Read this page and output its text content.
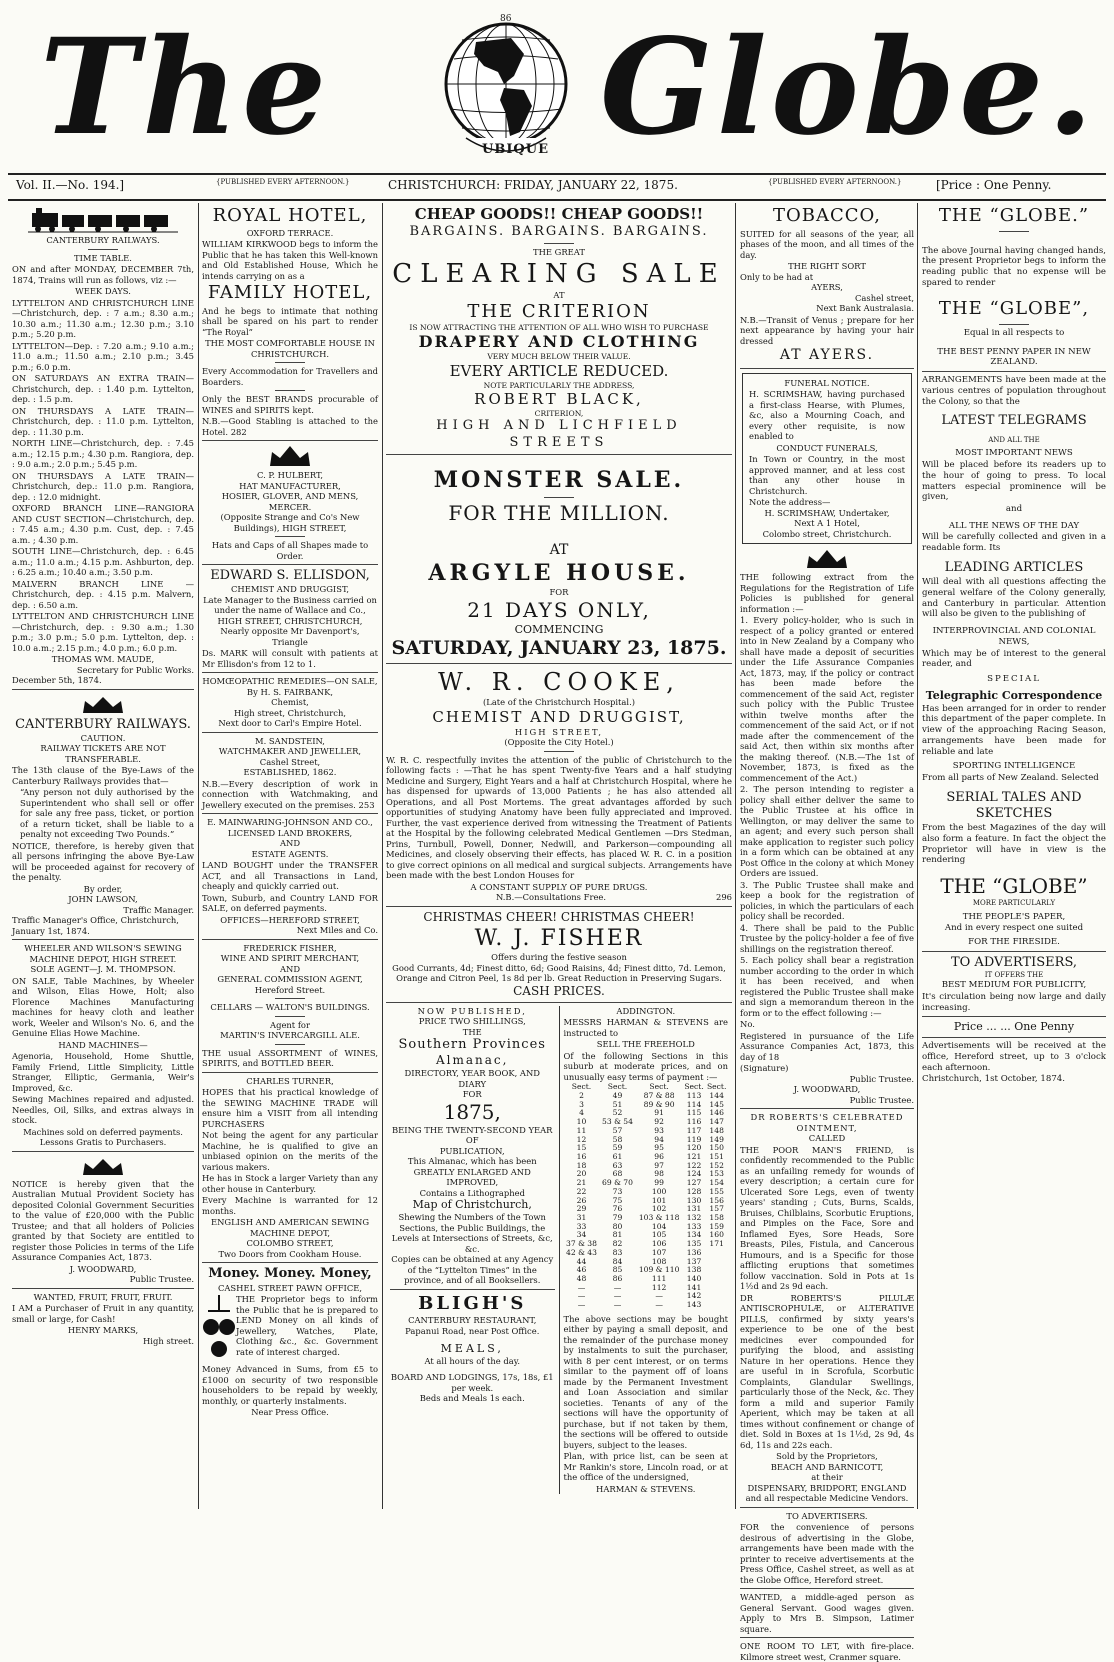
The	UBIQUE
86 Globe.
Vol. II.—No. 194.]	{PUBLISHED EVERY AFTERNOON.}	CHRISTCHURCH: FRIDAY, JANUARY 22, 1875.	{PUBLISHED EVERY AFTERNOON.}	[Price : One Penny.
CANTERBURY RAILWAYS.
TIME TABLE.

ON and after MONDAY, DECEMBER 7th, 1874, Trains will run as follows, viz :—

WEEK DAYS.

LYTTELTON AND CHRISTCHURCH LINE—Christchurch, dep. : 7 a.m.; 8.30 a.m.; 10.30 a.m.; 11.30 a.m.; 12.30 p.m.; 3.10 p.m.; 5.20 p.m.

LYTTELTON—Dep. : 7.20 a.m.; 9.10 a.m.; 11.0 a.m.; 11.50 a.m.; 2.10 p.m.; 3.45 p.m.; 6.0 p.m.

ON SATURDAYS AN EXTRA TRAIN—Christchurch, dep. : 1.40 p.m. Lyttelton, dep. : 1.5 p.m.

ON THURSDAYS A LATE TRAIN—Christchurch, dep. : 11.0 p.m. Lyttelton, dep. : 11.30 p.m.

NORTH LINE—Christchurch, dep. : 7.45 a.m.; 12.15 p.m.; 4.30 p.m. Rangiora, dep. : 9.0 a.m.; 2.0 p.m.; 5.45 p.m.

ON THURSDAYS A LATE TRAIN—Christchurch, dep.: 11.0 p.m. Rangiora, dep. : 12.0 midnight.

OXFORD BRANCH LINE—RANGIORA AND CUST SECTION—Christchurch, dep. : 7.45 a.m.; 4.30 p.m. Cust, dep. : 7.45 a.m. ; 4.30 p.m.

SOUTH LINE—Christchurch, dep. : 6.45 a.m.; 11.0 a.m.; 4.15 p.m. Ashburton, dep. : 6.25 a.m.; 10.40 a.m.; 3.50 p.m.

MALVERN BRANCH LINE — Christchurch, dep. : 4.15 p.m. Malvern, dep. : 6.50 a.m.

LYTTELTON AND CHRISTCHURCH LINE—Christchurch, dep. : 9.30 a.m.; 1.30 p.m.; 3.0 p.m.; 5.0 p.m. Lyttelton, dep. : 10.0 a.m.; 2.15 p.m.; 4.0 p.m.; 6.0 p.m.

THOMAS WM. MAUDE,
Secretary for Public Works.
December 5th, 1874.
CANTERBURY RAILWAYS.
CAUTION.
RAILWAY TICKETS ARE NOT TRANSFERABLE.

The 13th clause of the Bye-Laws of the Canterbury Railways provides that—

“Any person not duly authorised by the Superintendent who shall sell or offer for sale any free pass, ticket, or portion of a return ticket, shall be liable to a penalty not exceeding Two Pounds.”

NOTICE, therefore, is hereby given that all persons infringing the above Bye-Law will be proceeded against for recovery of the penalty.

By order,
JOHN LAWSON,
Traffic Manager.
Traffic Manager's Office, Christchurch, January 1st, 1874.
WHEELER AND WILSON'S SEWING MACHINE DEPOT, HIGH STREET.
SOLE AGENT—J. M. THOMPSON.

ON SALE, Table Machines, by Wheeler and Wilson, Elias Howe, Holt; also Florence Machines Manufacturing machines for heavy cloth and leather work, Weeler and Wilson's No. 6, and the Genuine Elias Howe Machine.

HAND MACHINES—

Agenoria, Household, Home Shuttle, Family Friend, Little Simplicity, Little Stranger, Elliptic, Germania, Weir's Improved, &c.

Sewing Machines repaired and adjusted. Needles, Oil, Silks, and extras always in stock.

Machines sold on deferred payments.
Lessons Gratis to Purchasers.

NOTICE is hereby given that the Australian Mutual Provident Society has deposited Colonial Government Securities to the value of £20,000 with the Public Trustee; and that all holders of Policies granted by that Society are entitled to register those Policies in terms of the Life Assurance Companies Act, 1873.

J. WOODWARD,
Public Trustee.
WANTED, FRUIT, FRUIT, FRUIT.

I AM a Purchaser of Fruit in any quantity, small or large, for Cash!

HENRY MARKS,
High street.
ROYAL HOTEL,
OXFORD TERRACE.

WILLIAM KIRKWOOD begs to inform the Public that he has taken this Well-known and Old Established House, Which he intends carrying on as a

FAMILY HOTEL,

And he begs to intimate that nothing shall be spared on his part to render “The Royal”

THE MOST COMFORTABLE HOUSE IN CHRISTCHURCH.

Every Accommodation for Travellers and Boarders.

Only the BEST BRANDS procurable of WINES and SPIRITS kept.

N.B.—Good Stabling is attached to the Hotel. 282

C. P. HULBERT,
HAT MANUFACTURER,
HOSIER, GLOVER, AND MENS, MERCER.
(Opposite Strange and Co's New Buildings), HIGH STREET,
Hats and Caps of all Shapes made to Order.
EDWARD S. ELLISDON,
CHEMIST AND DRUGGIST,
Late Manager to the Business carried on under the name of Wallace and Co.,
HIGH STREET, CHRISTCHURCH,
Nearly opposite Mr Davenport's, Triangle

Ds. MARK will consult with patients at Mr Ellisdon's from 12 to 1.

HOMŒOPATHIC REMEDIES—ON SALE,
By H. S. FAIRBANK,
Chemist,
High street, Christchurch,
Next door to Carl's Empire Hotel.
M. SANDSTEIN,
WATCHMAKER AND JEWELLER,
Cashel Street,
ESTABLISHED, 1862.

N.B.—Every description of work in connection with Watchmaking, and Jewellery executed on the premises. 253

E. MAINWARING-JOHNSON AND CO., LICENSED LAND BROKERS,
AND
ESTATE AGENTS.

LAND BOUGHT under the TRANSFER ACT, and all Transactions in Land, cheaply and quickly carried out.

Town, Suburb, and Country LAND FOR SALE, on deferred payments.

OFFICES—HEREFORD STREET,
Next Miles and Co.
FREDERICK FISHER,
WINE AND SPIRIT MERCHANT,
AND
GENERAL COMMISSION AGENT,
Hereford Street.
CELLARS — WALTON'S BUILDINGS.
Agent for
MARTIN'S INVERCARGILL ALE.

THE usual ASSORTMENT of WINES, SPIRITS, and BOTTLED BEER.

CHARLES TURNER,

HOPES that his practical knowledge of the SEWING MACHINE TRADE will ensure him a VISIT from all intending PURCHASERS

Not being the agent for any particular Machine, he is qualified to give an unbiased opinion on the merits of the various makers.

He has in Stock a larger Variety than any other house in Canterbury.

Every Machine is warranted for 12 months.

ENGLISH AND AMERICAN SEWING MACHINE DEPOT,
COLOMBO STREET,
Two Doors from Cookham House.
Money. Money. Money,
CASHEL STREET PAWN OFFICE,

THE Proprietor begs to inform the Public that he is prepared to LEND Money on all kinds of Jewellery, Watches, Plate, Clothing &c., &c. Government rate of interest charged.

Money Advanced in Sums, from £5 to £1000 on security of two responsible householders to be repaid by weekly, monthly, or quarterly instalments.

Near Press Office.
CHEAP GOODS!! CHEAP GOODS!!
BARGAINS. BARGAINS. BARGAINS.
THE GREAT
CLEARING SALE
AT
THE CRITERION
IS NOW ATTRACTING THE ATTENTION OF ALL WHO WISH TO PURCHASE
DRAPERY AND CLOTHING
VERY MUCH BELOW THEIR VALUE.
EVERY ARTICLE REDUCED.
NOTE PARTICULARLY THE ADDRESS,
ROBERT BLACK,
CRITERION,
HIGH AND LICHFIELD STREETS
MONSTER SALE.
FOR THE MILLION.
AT
ARGYLE HOUSE.
FOR
21 DAYS ONLY,
COMMENCING
SATURDAY, JANUARY 23, 1875.
W. R. COOKE,
(Late of the Christchurch Hospital.)
CHEMIST AND DRUGGIST,
HIGH STREET,
(Opposite the City Hotel.)

W. R. C. respectfully invites the attention of the public of Christchurch to the following facts : —That he has spent Twenty-five Years and a half studying Medicine and Surgery, Eight Years and a half at Christchurch Hospital, where he has dispensed for upwards of 13,000 Patients ; he has also attended all Operations, and all Post Mortems. The great advantages afforded by such opportunities of studying Anatomy have been fully appreciated and improved. Further, the vast experience derived from witnessing the Treatment of Patients at the Hospital by the following celebrated Medical Gentlemen —Drs Stedman, Prins, Turnbull, Powell, Donner, Nedwill, and Parkerson—compounding all Medicines, and closely observing their effects, has placed W. R. C. in a position to give correct opinions on all medical and surgical subjects. Arrangements have been made with the best London Houses for

A CONSTANT SUPPLY OF PURE DRUGS.
N.B.—Consultations Free.	296
CHRISTMAS CHEER! CHRISTMAS CHEER!
W. J. FISHER
Offers during the festive season
Good Currants, 4d; Finest ditto, 6d; Good Raisins, 4d; Finest ditto, 7d. Lemon, Orange and Citron Peel, 1s 8d per lb. Great Reduction in Preserving Sugars.
CASH PRICES.
NOW PUBLISHED,
PRICE TWO SHILLINGS,
THE
Southern Provinces
Almanac,
DIRECTORY, YEAR BOOK, AND DIARY
FOR
1875,
BEING THE TWENTY-SECOND YEAR
OF
PUBLICATION,
This Almanac, which has been
GREATLY ENLARGED AND IMPROVED,
Contains a Lithographed
Map of Christchurch,
Shewing the Numbers of the Town Sections, the Public Buildings, the Levels at Intersections of Streets, &c, &c.
Copies can be obtained at any Agency of the “Lyttelton Times” in the province, and of all Booksellers.
BLIGH'S
CANTERBURY RESTAURANT,
Papanui Road, near Post Office.
MEALS,
At all hours of the day.
BOARD AND LODGINGS, 17s, 18s, £1 per week.
Beds and Meals 1s each.
ADDINGTON.

MESSRS HARMAN & STEVENS are instructed to

SELL THE FREEHOLD

Of the following Sections in this suburb at moderate prices, and on unusually easy terms of payment :—

Sect.	Sect.	Sect.	Sect.	Sect.
2	49	87 & 88	113	144
3	51	89 & 90	114	145
4	52	91	115	146
10	53 & 54	92	116	147
11	57	93	117	148
12	58	94	119	149
15	59	95	120	150
16	61	96	121	151
18	63	97	122	152
20	68	98	124	153
21	69 & 70	99	127	154
22	73	100	128	155
26	75	101	130	156
29	76	102	131	157
31	79	103 & 118	132	158
33	80	104	133	159
34	81	105	134	160
37 & 38	82	106	135	171
42 & 43	83	107	136	
44	84	108	137	
46	85	109 & 110	138	
48	86	111	140	
—	—	112	141	
—	—	—	142	
—	—	—	143	

The above sections may be bought either by paying a small deposit, and the remainder of the purchase money by instalments to suit the purchaser, with 8 per cent interest, or on terms similar to the payment off of loans made by the Permanent Investment and Loan Association and similar societies. Tenants of any of the sections will have the opportunity of purchase, but if not taken by them, the sections will be offered to outside buyers, subject to the leases.

Plan, with price list, can be seen at Mr Rankin's store, Lincoln road, or at the office of the undersigned,

HARMAN & STEVENS.
TOBACCO,

SUITED for all seasons of the year, all phases of the moon, and all times of the day.

THE RIGHT SORT
Only to be had at
AYERS,
Cashel street,
Next Bank Australasia.

N.B.—Transit of Venus ; prepare for her next appearance by having your hair dressed

AT AYERS.
FUNERAL NOTICE.

H. SCRIMSHAW, having purchased a first-class Hearse, with Plumes, &c, also a Mourning Coach, and every other requisite, is now enabled to

CONDUCT FUNERALS,

In Town or Country, in the most approved manner, and at less cost than any other house in Christchurch.

Note the address—
H. SCRIMSHAW, Undertaker,
Next A 1 Hotel,
Colombo street, Christchurch.

THE following extract from the Regulations for the Registration of Life Policies is published for general information :—

1. Every policy-holder, who is such in respect of a policy granted or entered into in New Zealand by a Company who shall have made a deposit of securities under the Life Assurance Companies Act, 1873, may, if the policy or contract has been made before the commencement of the said Act, register such policy with the Public Trustee within twelve months after the commencement of the said Act, or if not made after the commencement of the said Act, then within six months after the making thereof. (N.B.—The 1st of November, 1873, is fixed as the commencement of the Act.)

2. The person intending to register a policy shall either deliver the same to the Public Trustee at his office in Wellington, or may deliver the same to an agent; and every such person shall make application to register such policy in a form which can be obtained at any Post Office in the colony at which Money Orders are issued.

3. The Public Trustee shall make and keep a book for the registration of policies, in which the particulars of each policy shall be recorded.

4. There shall be paid to the Public Trustee by the policy-holder a fee of five shillings on the registration thereof.

5. Each policy shall bear a registration number according to the order in which it has been received, and when registered the Public Trustee shall make and sign a memorandum thereon in the form or to the effect following :—

No.

Registered in pursuance of the Life Assurance Companies Act, 1873, this day of 18

(Signature)
Public Trustee.
J. WOODWARD,
Public Trustee.
DR ROBERTS'S CELEBRATED OINTMENT,
CALLED

THE POOR MAN'S FRIEND, is confidently recommended to the Public as an unfailing remedy for wounds of every description; a certain cure for Ulcerated Sore Legs, even of twenty years' standing ; Cuts, Burns, Scalds, Bruises, Chilblains, Scorbutic Eruptions, and Pimples on the Face, Sore and Inflamed Eyes, Sore Heads, Sore Breasts, Piles, Fistula, and Cancerous Humours, and is a Specific for those afflicting eruptions that sometimes follow vaccination. Sold in Pots at 1s 1½d and 2s 9d each.

DR ROBERTS'S PILULÆ ANTISCROPHULÆ, or ALTERATIVE PILLS, confirmed by sixty years's experience to be one of the best medicines ever compounded for purifying the blood, and assisting Nature in her operations. Hence they are useful in in Scrofula, Scorbutic Complaints, Glandular Swellings, particularly those of the Neck, &c. They form a mild and superior Family Aperient, which may be taken at all times without confinement or change of diet. Sold in Boxes at 1s 1½d, 2s 9d, 4s 6d, 11s and 22s each.

Sold by the Proprietors,
BEACH AND BARNICOTT,
at their
DISPENSARY, BRIDPORT, ENGLAND
and all respectable Medicine Vendors.
TO ADVERTISERS.

FOR the convenience of persons desirous of advertising in the Globe, arrangements have been made with the printer to receive advertisements at the Press Office, Cashel street, as well as at the Globe Office, Hereford street.

WANTED, a middle-aged person as General Servant. Good wages given. Apply to Mrs B. Simpson, Latimer square.

ONE ROOM TO LET, with fire-place. Kilmore street west, Cranmer square.

THE “GLOBE.”

The above Journal having changed hands, the present Proprietor begs to inform the reading public that no expense will be spared to render

THE “GLOBE”,
Equal in all respects to
THE BEST PENNY PAPER IN NEW ZEALAND.

ARRANGEMENTS have been made at the various centres of population throughout the Colony, so that the

LATEST TELEGRAMS
AND ALL THE
MOST IMPORTANT NEWS

Will be placed before its readers up to the hour of going to press. To local matters especial prominence will be given,

and
ALL THE NEWS OF THE DAY

Will be carefully collected and given in a readable form. Its

LEADING ARTICLES

Will deal with all questions affecting the general welfare of the Colony generally, and Canterbury in particular. Attention will also be given to the publishing of

INTERPROVINCIAL AND COLONIAL NEWS,

Which may be of interest to the general reader, and

SPECIAL
Telegraphic Correspondence

Has been arranged for in order to render this department of the paper complete. In view of the approaching Racing Season, arrangements have been made for reliable and late

SPORTING INTELLIGENCE

From all parts of New Zealand. Selected

SERIAL TALES AND SKETCHES

From the best Magazines of the day will also form a feature. In fact the object the Proprietor will have in view is the rendering

THE “GLOBE”
MORE PARTICULARLY
THE PEOPLE'S PAPER,
And in every respect one suited
FOR THE FIRESIDE.
TO ADVERTISERS,
IT OFFERS THE
BEST MEDIUM FOR PUBLICITY,

It's circulation being now large and daily increasing.

Price ... ... One Penny

Advertisements will be received at the office, Hereford street, up to 3 o'clock each afternoon.

Christchurch, 1st October, 1874.
